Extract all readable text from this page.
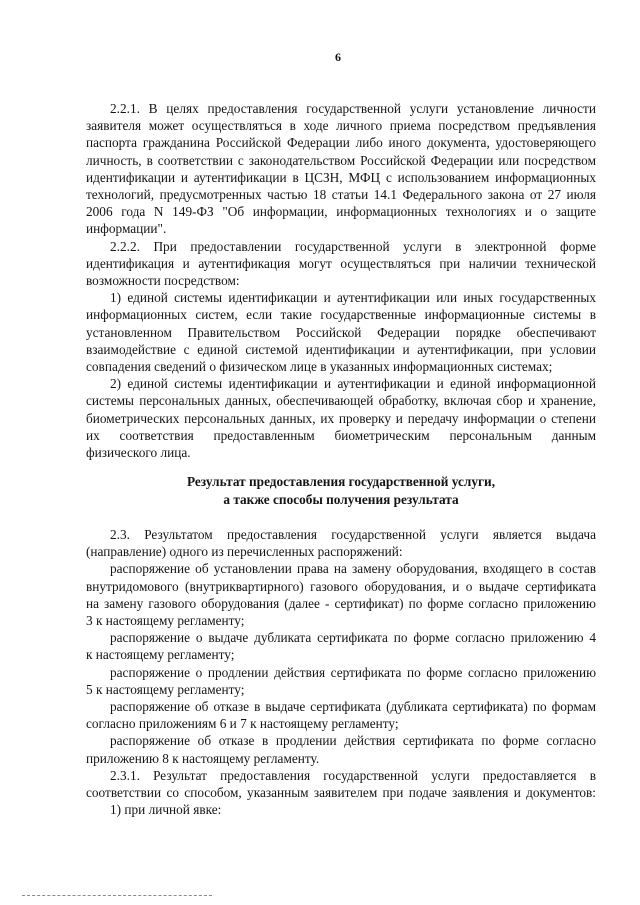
6
2.2.1. В целях предоставления государственной услуги установление личности
заявителя может осуществляться в ходе личного приема посредством предъявления
паспорта гражданина Российской Федерации либо иного документа, удостоверяющего
личность, в соответствии с законодательством Российской Федерации или посредством
идентификации и аутентификации в ЦСЗН, МФЦ с использованием информационных
технологий, предусмотренных частью 18 статьи 14.1 Федерального закона от 27 июля
2006 года N 149-ФЗ "Об информации, информационных технологиях и о защите
информации".
2.2.2. При предоставлении государственной услуги в электронной форме
идентификация и аутентификация могут осуществляться при наличии технической
возможности посредством:
1) единой системы идентификации и аутентификации или иных государственных
информационных систем, если такие государственные информационные системы в
установленном Правительством Российской Федерации порядке обеспечивают
взаимодействие с единой системой идентификации и аутентификации, при условии
совпадения сведений о физическом лице в указанных информационных системах;
2) единой системы идентификации и аутентификации и единой информационной
системы персональных данных, обеспечивающей обработку, включая сбор и хранение,
биометрических персональных данных, их проверку и передачу информации о степени
их соответствия предоставленным биометрическим персональным данным
физического лица.
Результат предоставления государственной услуги,
а также способы получения результата
2.3. Результатом предоставления государственной услуги является выдача
(направление) одного из перечисленных распоряжений:
распоряжение об установлении права на замену оборудования, входящего в состав
внутридомового (внутриквартирного) газового оборудования, и о выдаче сертификата
на замену газового оборудования (далее - сертификат) по форме согласно приложению
3 к настоящему регламенту;
распоряжение о выдаче дубликата сертификата по форме согласно приложению 4
к настоящему регламенту;
распоряжение о продлении действия сертификата по форме согласно приложению
5 к настоящему регламенту;
распоряжение об отказе в выдаче сертификата (дубликата сертификата) по формам
согласно приложениям 6 и 7 к настоящему регламенту;
распоряжение об отказе в продлении действия сертификата по форме согласно
приложению 8 к настоящему регламенту.
2.3.1. Результат предоставления государственной услуги предоставляется в
соответствии со способом, указанным заявителем при подаче заявления и документов:
1) при личной явке:
